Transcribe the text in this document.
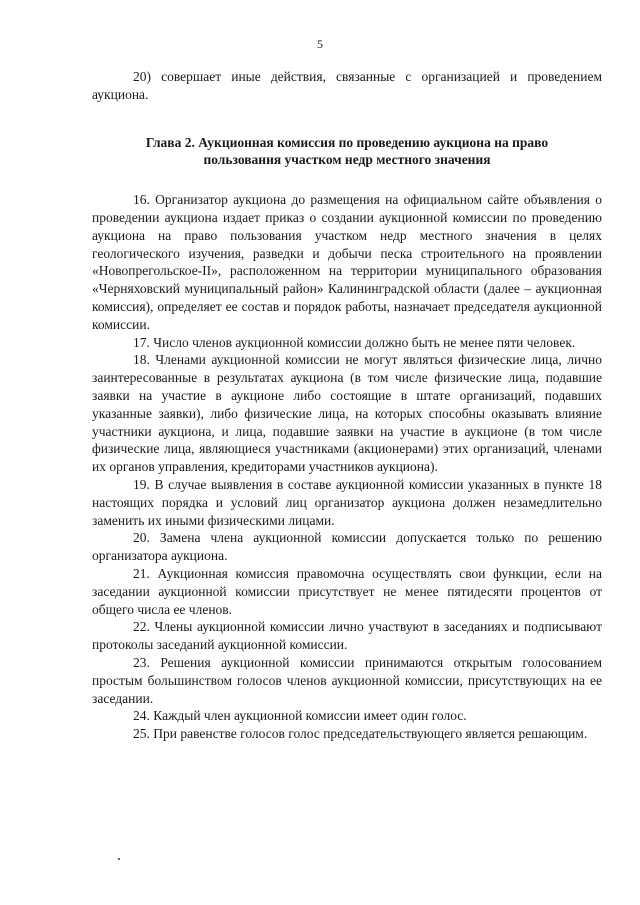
5

20) совершает иные действия, связанные с организацией и проведением аукциона.

Глава 2. Аукционная комиссия по проведению аукциона на право пользования участком недр местного значения

16. Организатор аукциона до размещения на официальном сайте объявления о проведении аукциона издает приказ о создании аукционной комиссии по проведению аукциона на право пользования участком недр местного значения в целях геологического изучения, разведки и добычи песка строительного на проявлении «Новопрегольское-II», расположенном на территории муниципального образования «Черняховский муниципальный район» Калининградской области (далее – аукционная комиссия), определяет ее состав и порядок работы, назначает председателя аукционной комиссии.

17. Число членов аукционной комиссии должно быть не менее пяти человек.

18. Членами аукционной комиссии не могут являться физические лица, лично заинтересованные в результатах аукциона (в том числе физические лица, подавшие заявки на участие в аукционе либо состоящие в штате организаций, подавших указанные заявки), либо физические лица, на которых способны оказывать влияние участники аукциона, и лица, подавшие заявки на участие в аукционе (в том числе физические лица, являющиеся участниками (акционерами) этих организаций, членами их органов управления, кредиторами участников аукциона).

19. В случае выявления в составе аукционной комиссии указанных в пункте 18 настоящих порядка и условий лиц организатор аукциона должен незамедлительно заменить их иными физическими лицами.

20. Замена члена аукционной комиссии допускается только по решению организатора аукциона.

21. Аукционная комиссия правомочна осуществлять свои функции, если на заседании аукционной комиссии присутствует не менее пятидесяти процентов от общего числа ее членов.

22. Члены аукционной комиссии лично участвуют в заседаниях и подписывают протоколы заседаний аукционной комиссии.

23. Решения аукционной комиссии принимаются открытым голосованием простым большинством голосов членов аукционной комиссии, присутствующих на ее заседании.

24. Каждый член аукционной комиссии имеет один голос.

25. При равенстве голосов голос председательствующего является решающим.
